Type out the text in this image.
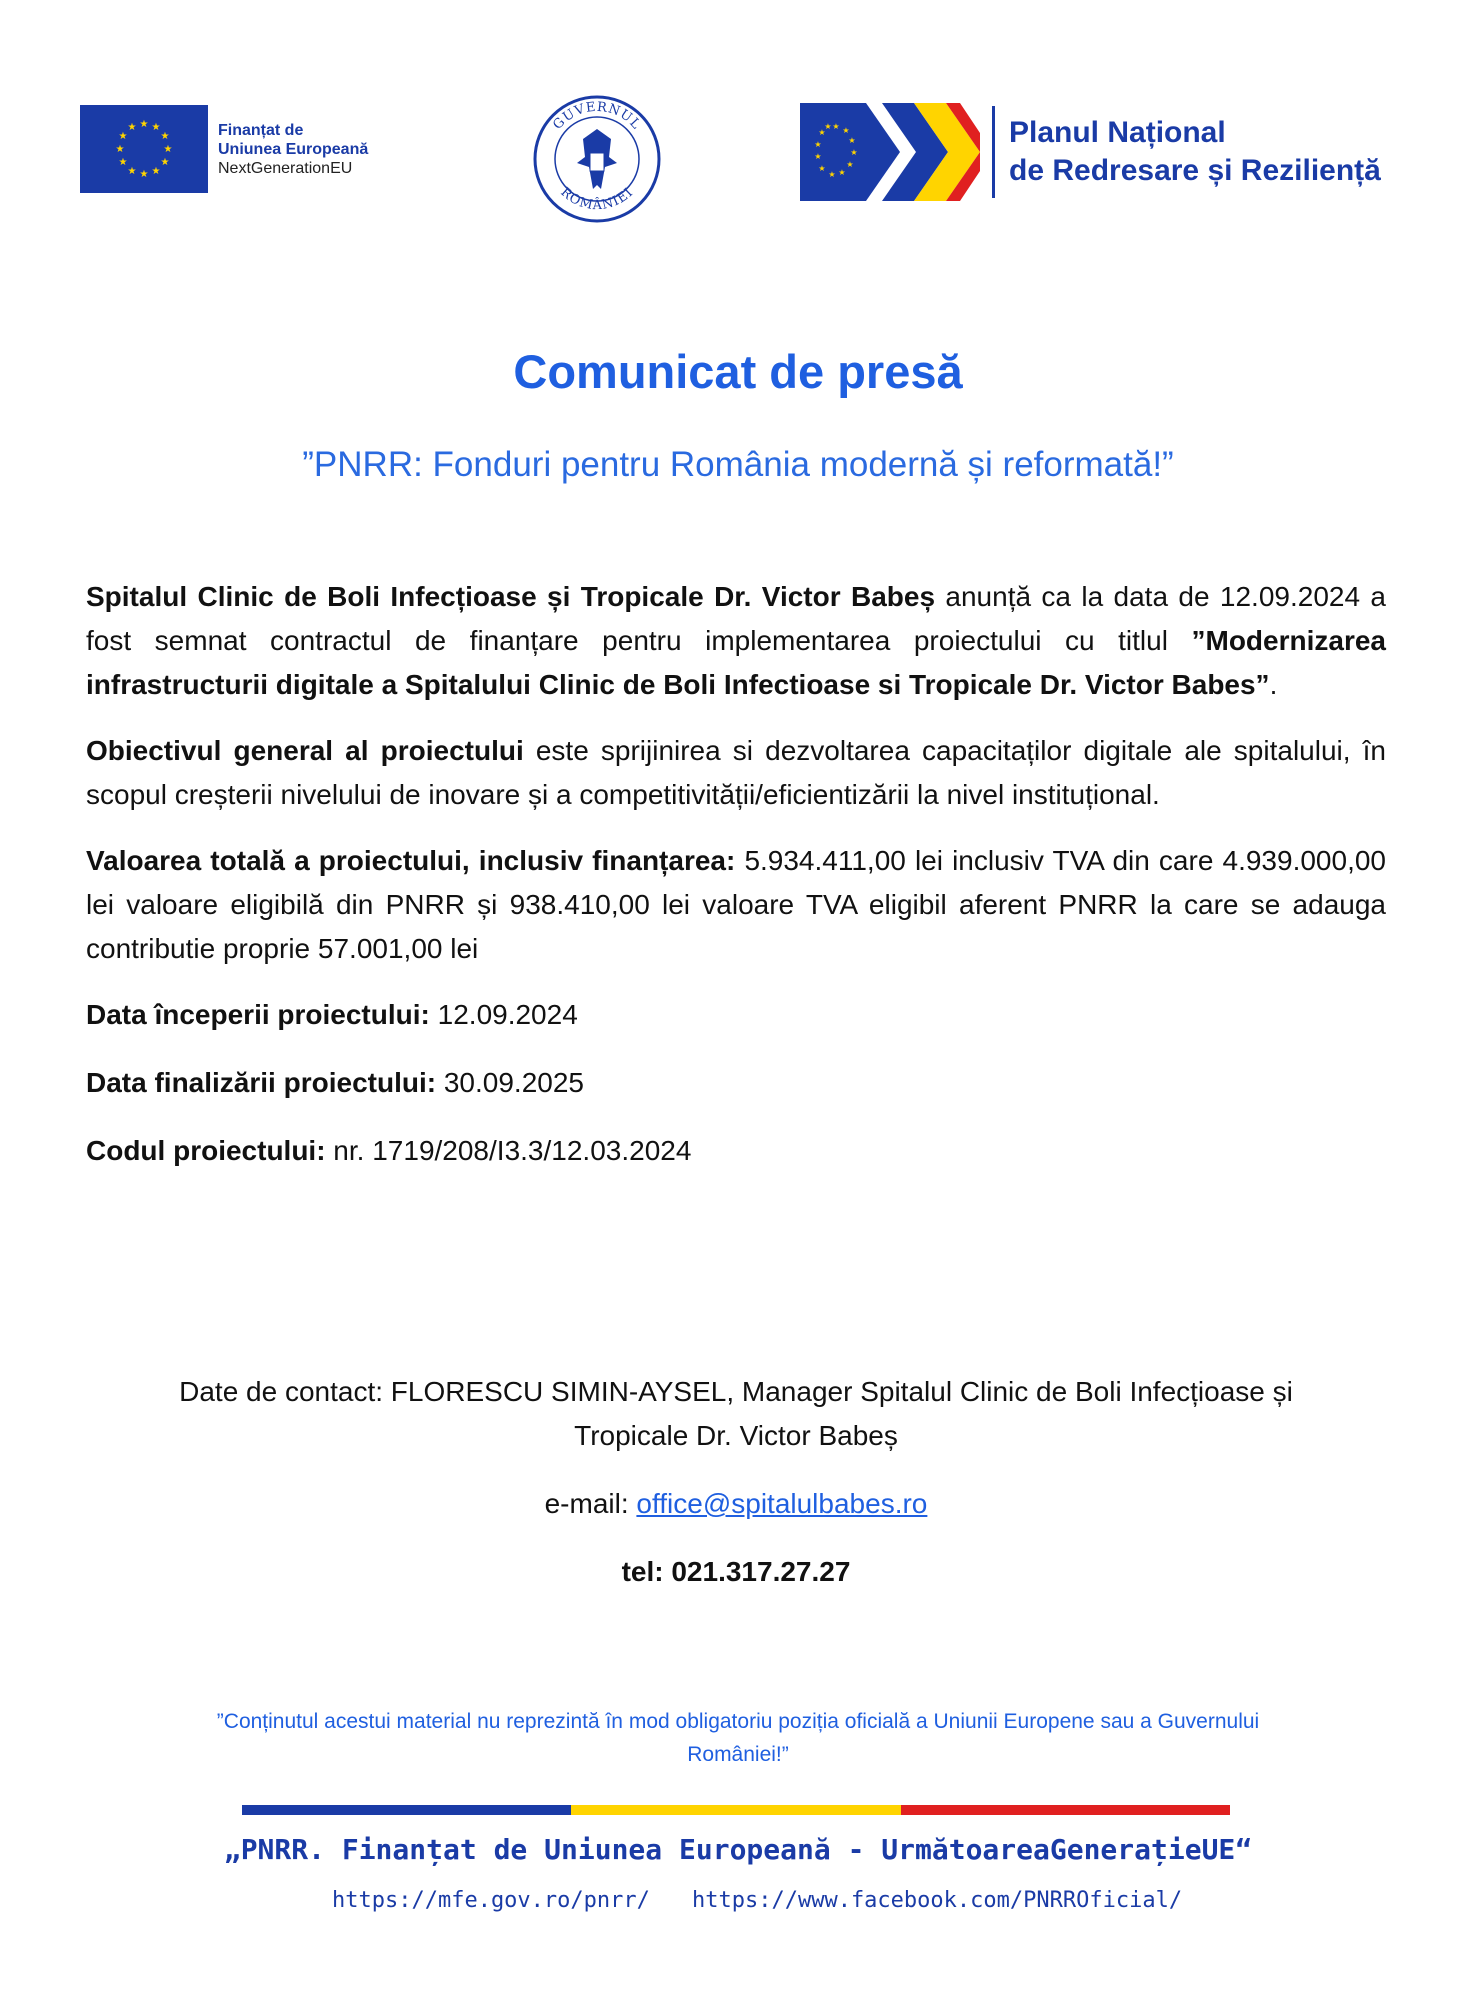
★ ★
★
★
★
★
★
★
★
★
★
★	Finanțat de
Uniunea Europeană
NextGenerationEU
GUVERNUL
ROMÂNIEI
★ ★
★
★
★
★
★
★
★
★
★
★	Planul Național
de Redresare și Reziliență
Comunicat de presă
”PNRR: Fonduri pentru România modernă și reformată!”

Spitalul Clinic de Boli Infecțioase și Tropicale Dr. Victor Babeș anunță ca la data de 12.09.2024 a fost semnat contractul de finanțare pentru implementarea proiectului cu titlul ”Modernizarea infrastructurii digitale a Spitalului Clinic de Boli Infectioase si Tropicale Dr. Victor Babes”.

Obiectivul general al proiectului este sprijinirea si dezvoltarea capacitaților digitale ale spitalului, în scopul creșterii nivelului de inovare și a competitivității/eficientizării la nivel instituțional.

Valoarea totală a proiectului, inclusiv finanțarea: 5.934.411,00 lei inclusiv TVA din care 4.939.000,00 lei valoare eligibilă din PNRR și 938.410,00 lei valoare TVA eligibil aferent PNRR la care se adauga contributie proprie 57.001,00 lei

Data începerii proiectului: 12.09.2024

Data finalizării proiectului: 30.09.2025

Codul proiectului: nr. 1719/208/I3.3/12.03.2024

Date de contact: FLORESCU SIMIN-AYSEL, Manager Spitalul Clinic de Boli Infecțioase și
Tropicale Dr. Victor Babeș

e-mail: office@spitalulbabes.ro

tel: 021.317.27.27

”Conținutul acestui material nu reprezintă în mod obligatoriu poziția oficială a Uniunii Europene sau a Guvernului
României!”
„PNRR. Finanțat de Uniunea Europeană - UrmătoareaGenerațieUE“
https://mfe.gov.ro/pnrr/ https://www.facebook.com/PNRROficial/
